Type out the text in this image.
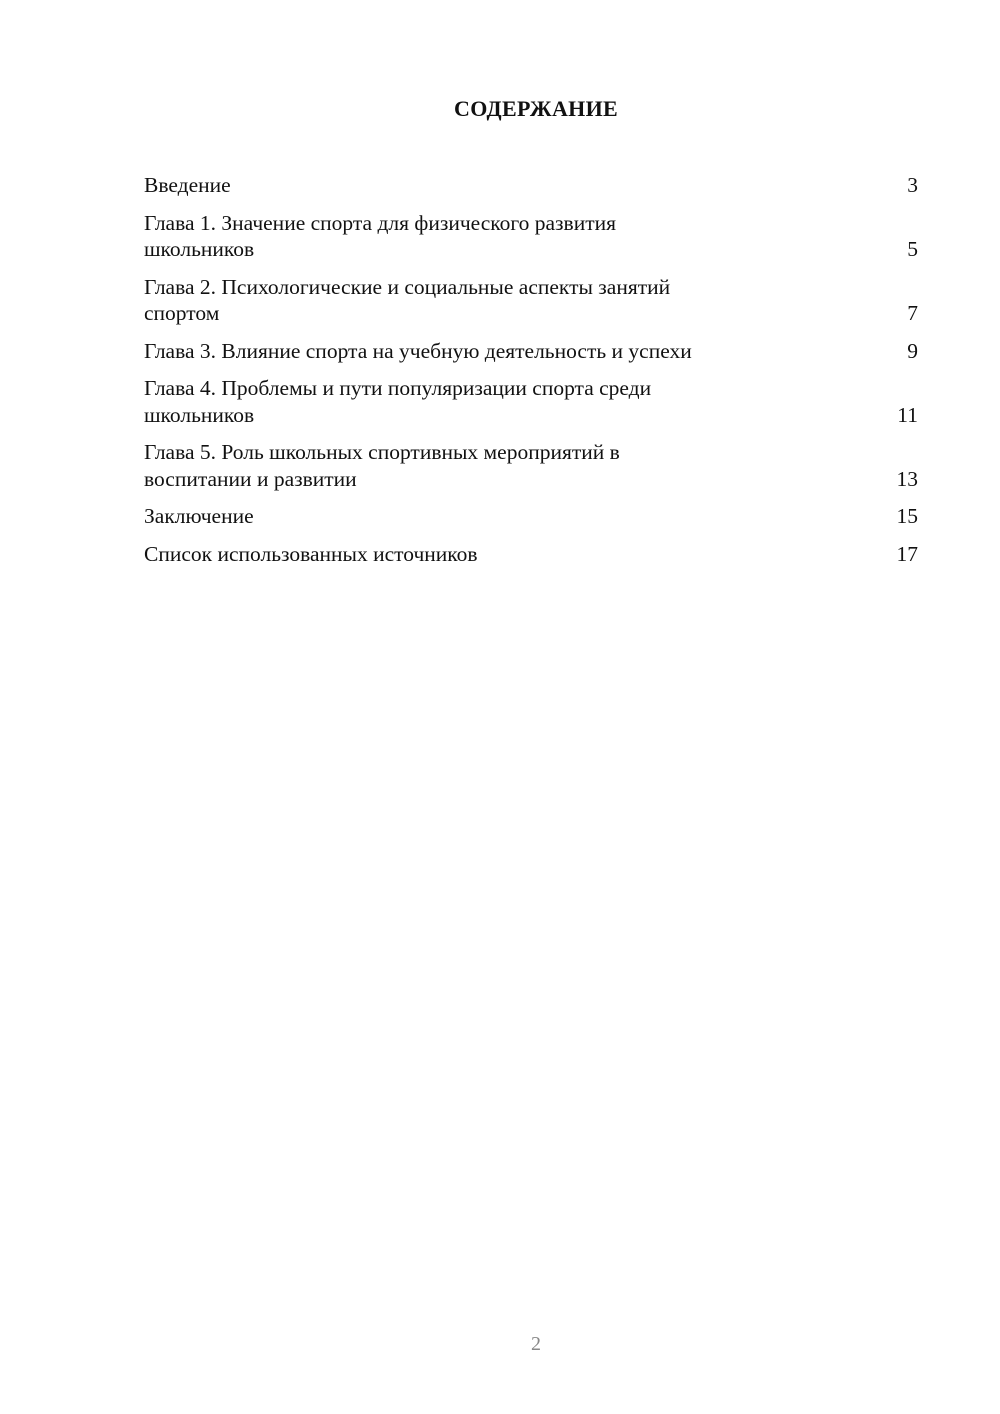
СОДЕРЖАНИЕ
Введение	3
Глава 1. Значение спорта для физического развития
школьников	5
Глава 2. Психологические и социальные аспекты занятий
спортом	7
Глава 3. Влияние спорта на учебную деятельность и успехи	9
Глава 4. Проблемы и пути популяризации спорта среди
школьников	11
Глава 5. Роль школьных спортивных мероприятий в
воспитании и развитии	13
Заключение	15
Список использованных источников	17
2
